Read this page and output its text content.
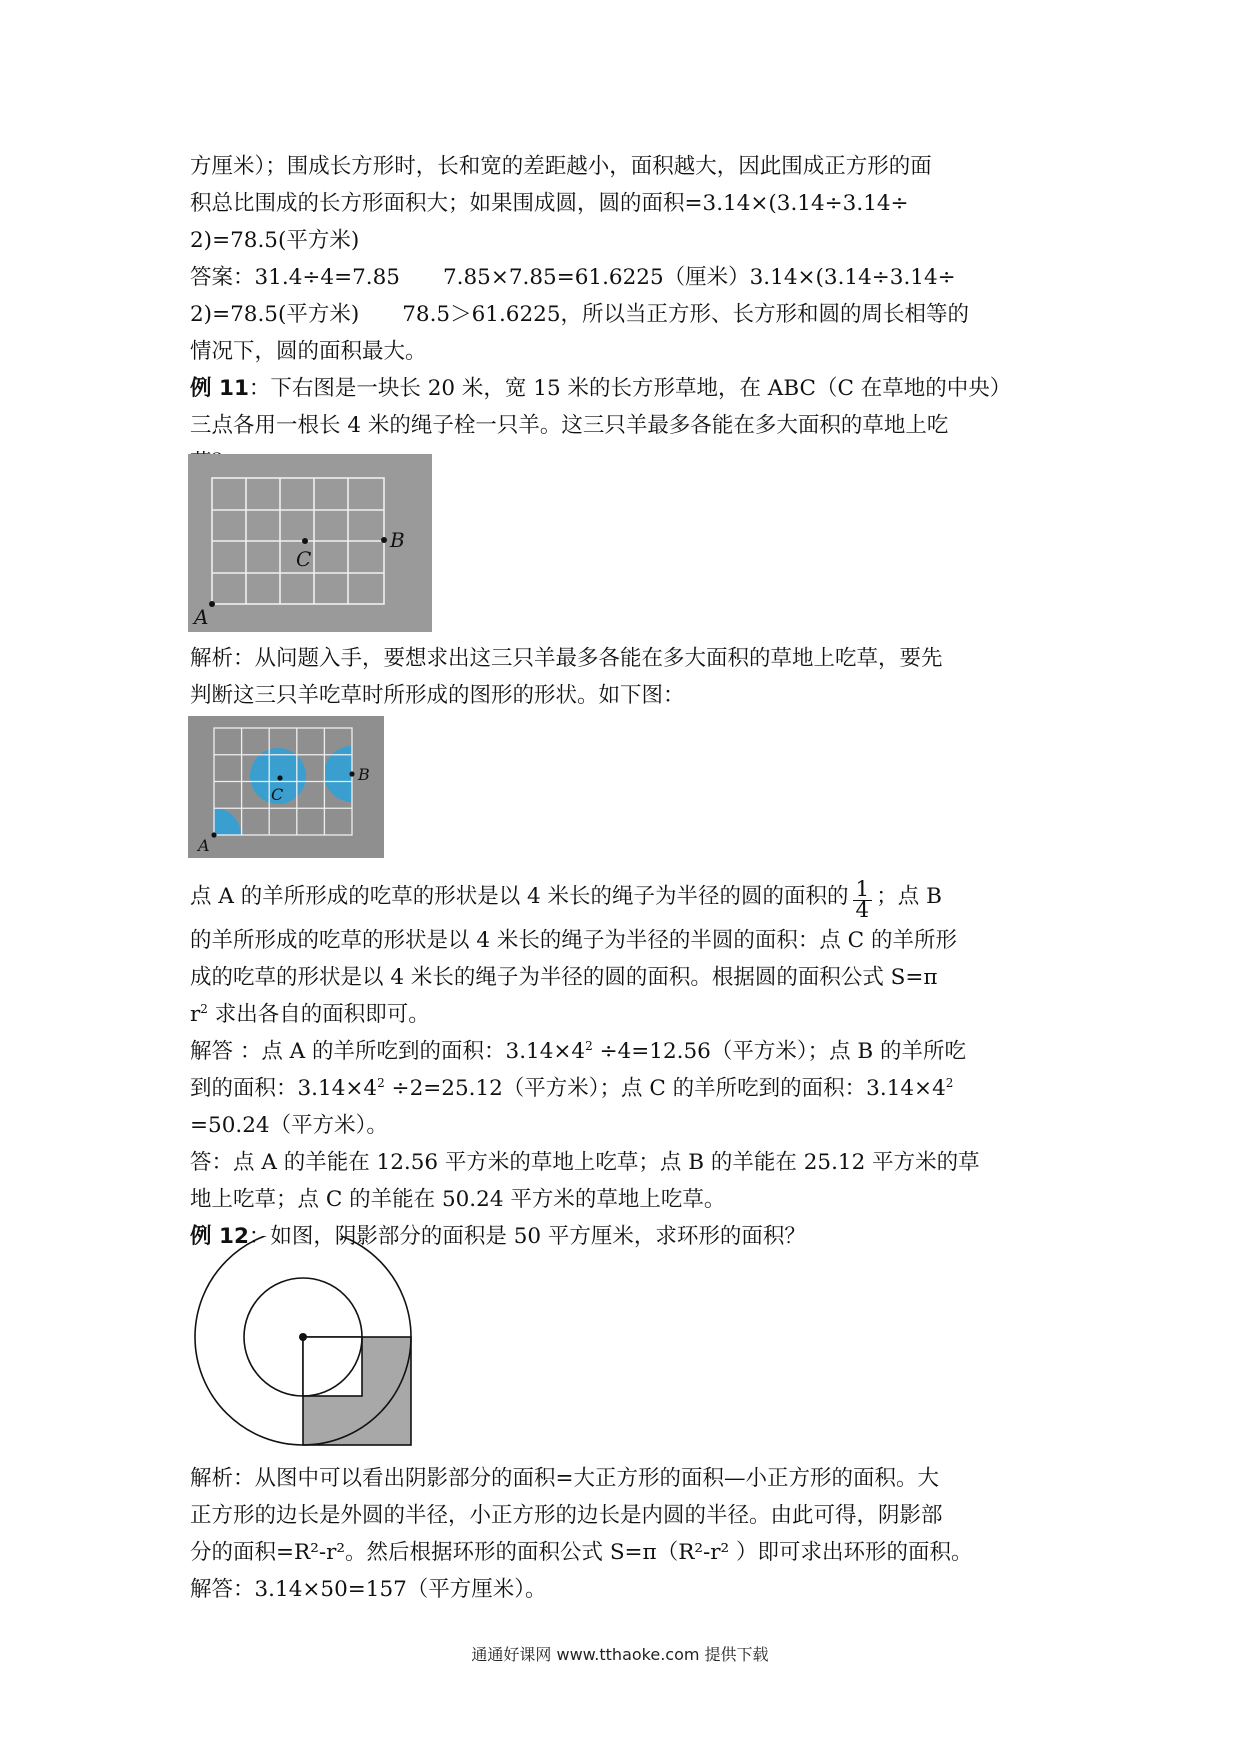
方厘米）；围成长方形时，长和宽的差距越小，面积越大，因此围成正方形的面

积总比围成的长方形面积大；如果围成圆，圆的面积=3.14×(3.14÷3.14÷

2)=78.5(平方米)

答案：31.4÷4=7.85　　7.85×7.85=61.6225（厘米）3.14×(3.14÷3.14÷

2)=78.5(平方米)　　78.5＞61.6225，所以当正方形、长方形和圆的周长相等的

情况下，圆的面积最大。

例 11：下右图是一块长 20 米，宽 15 米的长方形草地，在 ABC（C 在草地的中央）

三点各用一根长 4 米的绳子栓一只羊。这三只羊最多各能在多大面积的草地上吃

A
C
B

解析：从问题入手，要想求出这三只羊最多各能在多大面积的草地上吃草，要先

判断这三只羊吃草时所形成的图形的形状。如下图：

A
C
B

点 A 的羊所形成的吃草的形状是以 4 米长的绳子为半径的圆的面积的 $\frac{1}{4}$ ；点 B

的羊所形成的吃草的形状是以 4 米长的绳子为半径的半圆的面积：点 C 的羊所形

成的吃草的形状是以 4 米长的绳子为半径的圆的面积。根据圆的面积公式 S=π

$r^2$ 求出各自的面积即可。

解答 ：点 A 的羊所吃到的面积：$3.14\times 4^2 \div 4=12.56$（平方米）；点 B 的羊所吃

到的面积：$3.14\times 4^2 \div 2=25.12$（平方米）；点 C 的羊所吃到的面积：$3.14\times 4^2$

=50.24（平方米）。

答：点 A 的羊能在 12.56 平方米的草地上吃草；点 B 的羊能在 25.12 平方米的草

地上吃草；点 C 的羊能在 50.24 平方米的草地上吃草。

例 12：如图，阴影部分的面积是 50 平方厘米，求环形的面积？

解析：从图中可以看出阴影部分的面积=大正方形的面积—小正方形的面积。大

正方形的边长是外圆的半径，小正方形的边长是内圆的半径。由此可得，阴影部

分的面积=R²-r²。然后根据环形的面积公式 S=π（R²-r² ）即可求出环形的面积。

解答：3.14×50=157（平方厘米）。

通通好课网 www.tthaoke.com 提供下载
